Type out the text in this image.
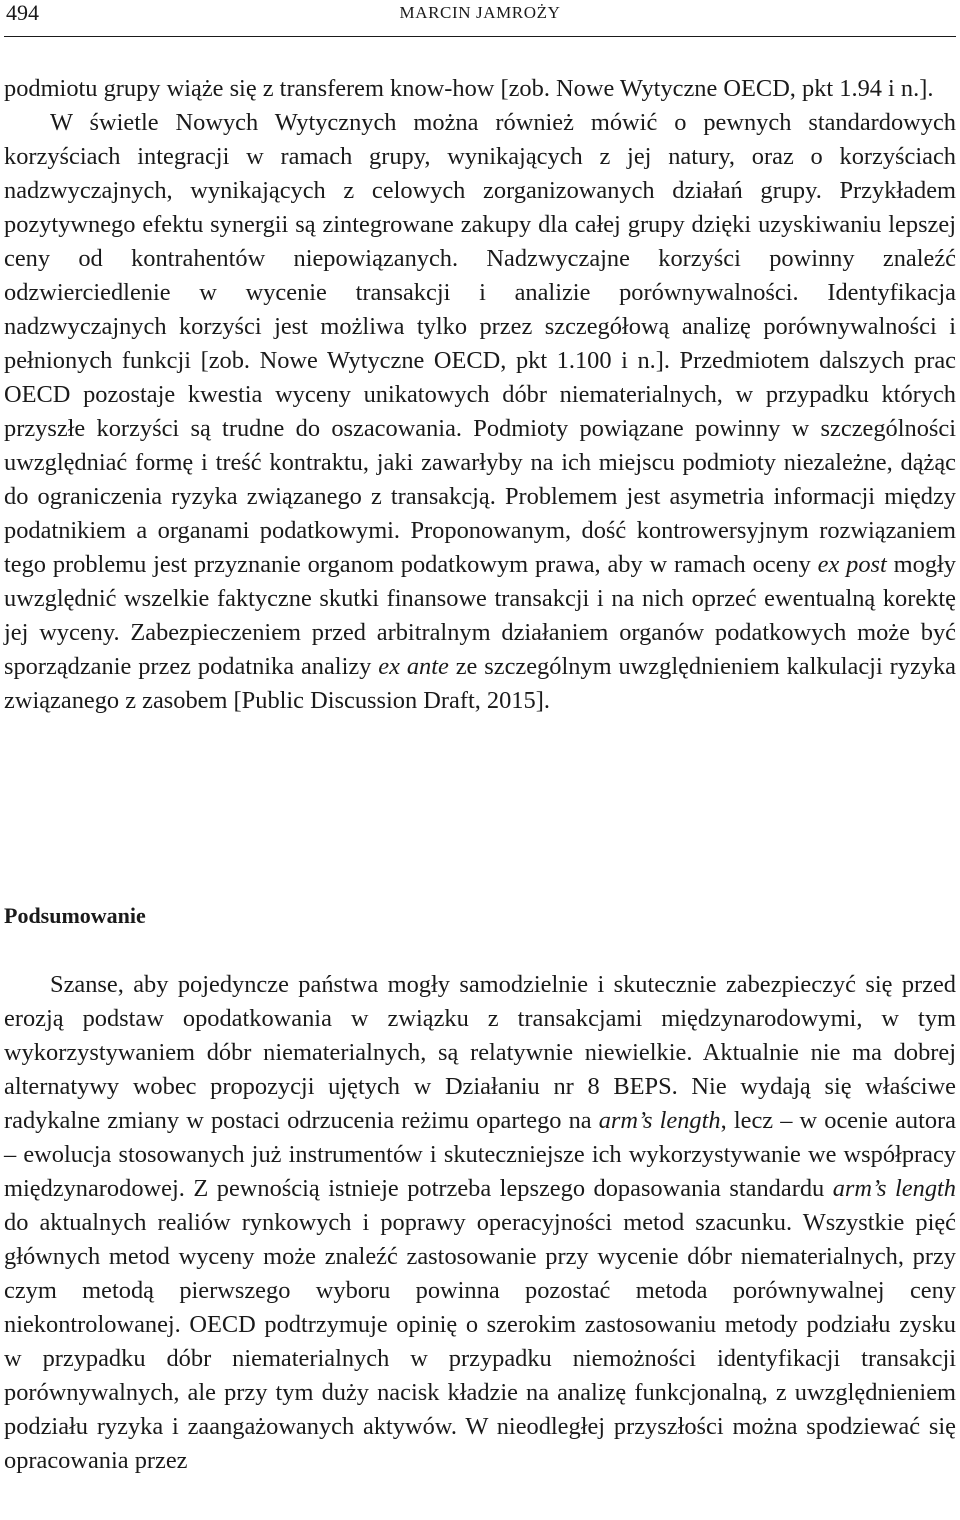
494	MARCIN JAMROŻY

podmiotu grupy wiąże się z transferem know-how [zob. Nowe Wytyczne OECD, pkt 1.94 i n.].

W świetle Nowych Wytycznych można również mówić o pewnych standardowych korzyściach integracji w ramach grupy, wynikających z jej natury, oraz o korzyściach nadzwyczajnych, wynikających z celowych zorganizowanych działań grupy. Przykładem pozytywnego efektu synergii są zintegrowane zakupy dla całej grupy dzięki uzyskiwaniu lepszej ceny od kontrahentów niepowiązanych. Nadzwyczajne korzyści powinny znaleźć odzwierciedlenie w wycenie transakcji i analizie porównywalności. Identyfikacja nadzwyczajnych korzyści jest możliwa tylko przez szczegółową analizę porównywalności i pełnionych funkcji [zob. Nowe Wytyczne OECD, pkt 1.100 i n.]. Przedmiotem dalszych prac OECD pozostaje kwestia wyceny unikatowych dóbr niematerialnych, w przypadku których przyszłe korzyści są trudne do oszacowania. Podmioty powiązane powinny w szczególności uwzględniać formę i treść kontraktu, jaki zawarłyby na ich miejscu podmioty niezależne, dążąc do ograniczenia ryzyka związanego z transakcją. Problemem jest asymetria informacji między podatnikiem a organami podatkowymi. Proponowanym, dość kontrowersyjnym rozwiązaniem tego problemu jest przyznanie organom podatkowym prawa, aby w ramach oceny ex post mogły uwzględnić wszelkie faktyczne skutki finansowe transakcji i na nich oprzeć ewentualną korektę jej wyceny. Zabezpieczeniem przed arbitralnym działaniem organów podatkowych może być sporządzanie przez podatnika analizy ex ante ze szczególnym uwzględnieniem kalkulacji ryzyka związanego z zasobem [Public Discussion Draft, 2015].

Podsumowanie

Szanse, aby pojedyncze państwa mogły samodzielnie i skutecznie zabezpieczyć się przed erozją podstaw opodatkowania w związku z transakcjami międzynarodowymi, w tym wykorzystywaniem dóbr niematerialnych, są relatywnie niewielkie. Aktualnie nie ma dobrej alternatywy wobec propozycji ujętych w Działaniu nr 8 BEPS. Nie wydają się właściwe radykalne zmiany w postaci odrzucenia reżimu opartego na arm’s length, lecz – w ocenie autora – ewolucja stosowanych już instrumentów i skuteczniejsze ich wykorzystywanie we współpracy międzynarodowej. Z pewnością istnieje potrzeba lepszego dopasowania standardu arm’s length do aktualnych realiów rynkowych i poprawy operacyjności metod szacunku. Wszystkie pięć głównych metod wyceny może znaleźć zastosowanie przy wycenie dóbr niematerialnych, przy czym metodą pierwszego wyboru powinna pozostać metoda porównywalnej ceny niekontrolowanej. OECD podtrzymuje opinię o szerokim zastosowaniu metody podziału zysku w przypadku dóbr niematerialnych w przypadku niemożności identyfikacji transakcji porównywalnych, ale przy tym duży nacisk kładzie na analizę funkcjonalną, z uwzględnieniem podziału ryzyka i zaangażowanych aktywów. W nieodległej przyszłości można spodziewać się opracowania przez
